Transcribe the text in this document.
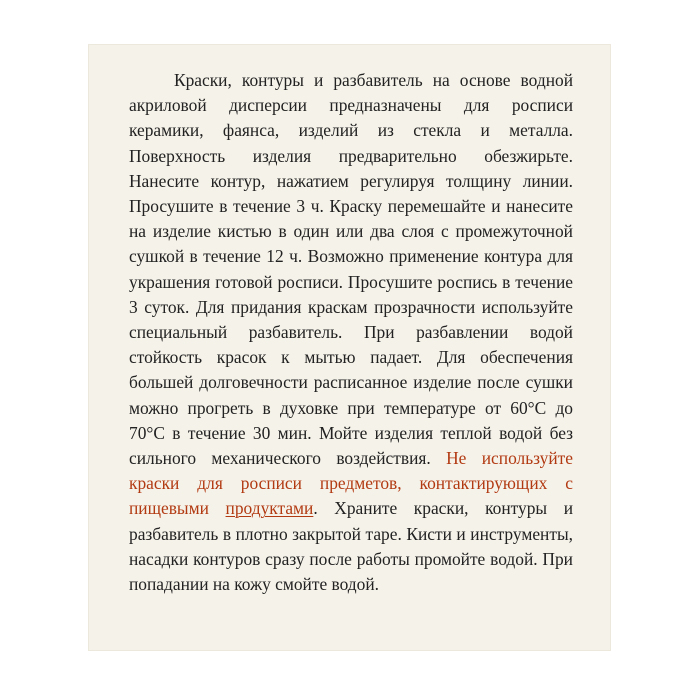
Краски, контуры и разбавитель на основе водной акриловой дисперсии предназначены для росписи керамики, фаянса, изделий из стекла и металла. Поверхность изделия предварительно обезжирьте. Нанесите контур, нажатием регулируя толщину линии. Просушите в течение 3 ч. Краску перемешайте и нанесите на изделие кистью в один или два слоя с промежуточной сушкой в течение 12 ч. Возможно применение контура для украшения готовой росписи. Просушите роспись в течение 3 суток. Для придания краскам прозрачности используйте специальный разбавитель. При разбавлении водой стойкость красок к мытью падает. Для обеспечения большей долговечности расписанное изделие после сушки можно прогреть в духовке при температуре от 60°С до 70°С в течение 30 мин. Мойте изделия теплой водой без сильного механического воздействия. Не используйте краски для росписи предметов, контактирующих с пищевыми продуктами. Храните краски, контуры и разбавитель в плотно закрытой таре. Кисти и инструменты, насадки контуров сразу после работы промойте водой. При попадании на кожу смойте водой.
